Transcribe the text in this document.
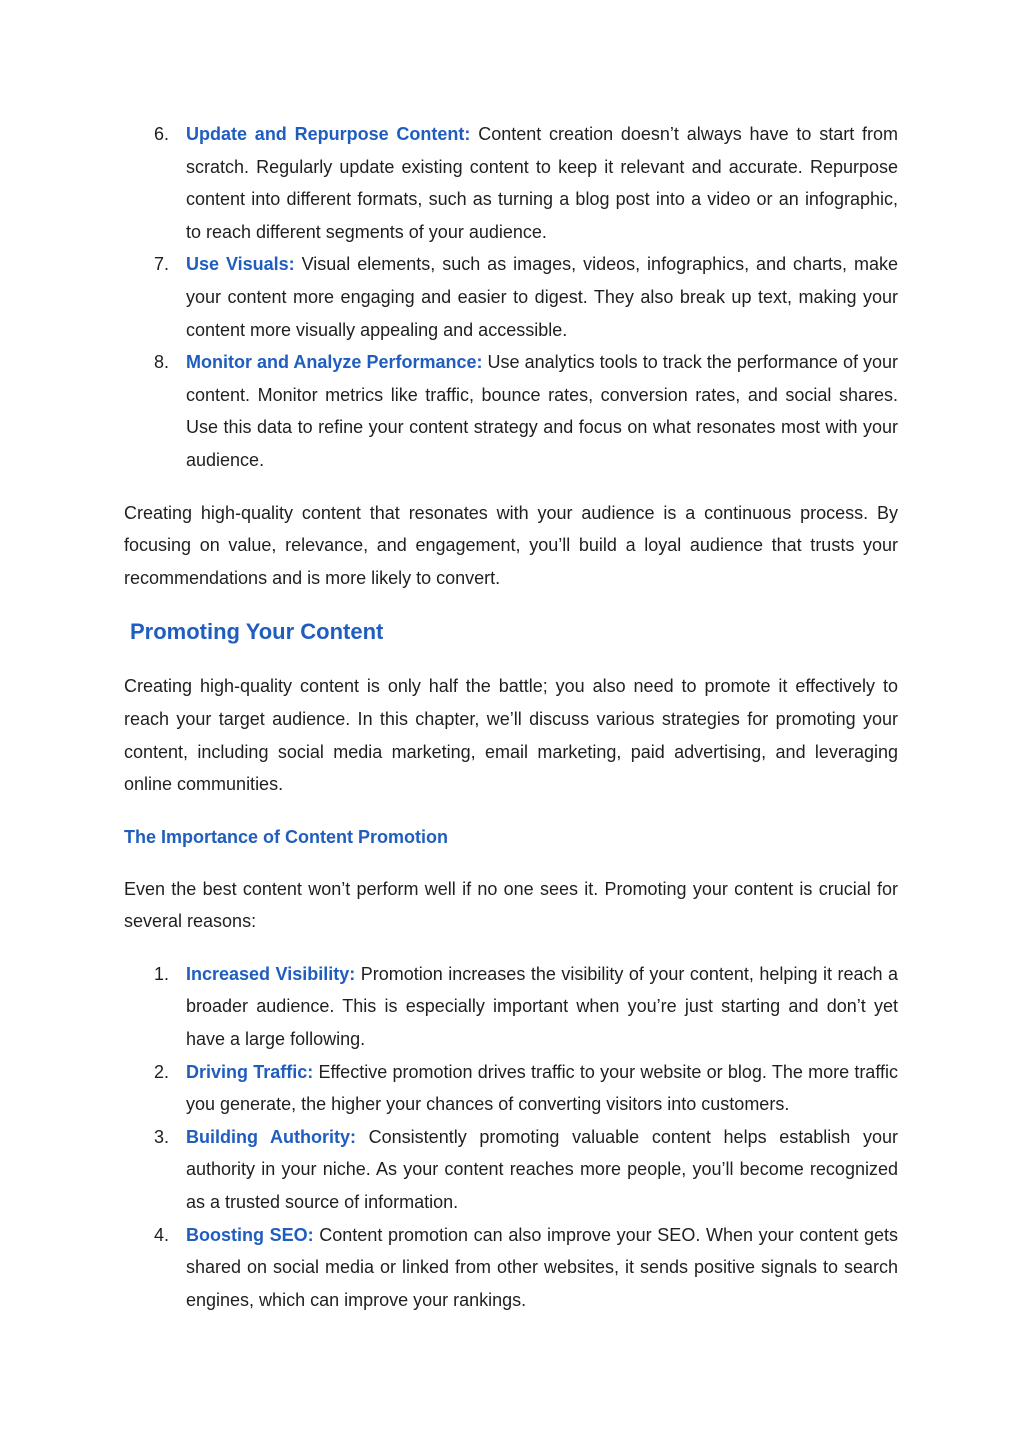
6. Update and Repurpose Content: Content creation doesn’t always have to start from scratch. Regularly update existing content to keep it relevant and accurate. Repurpose content into different formats, such as turning a blog post into a video or an infographic, to reach different segments of your audience.
7. Use Visuals: Visual elements, such as images, videos, infographics, and charts, make your content more engaging and easier to digest. They also break up text, making your content more visually appealing and accessible.
8. Monitor and Analyze Performance: Use analytics tools to track the performance of your content. Monitor metrics like traffic, bounce rates, conversion rates, and social shares. Use this data to refine your content strategy and focus on what resonates most with your audience.

Creating high-quality content that resonates with your audience is a continuous process. By focusing on value, relevance, and engagement, you’ll build a loyal audience that trusts your recommendations and is more likely to convert.

Promoting Your Content

Creating high-quality content is only half the battle; you also need to promote it effectively to reach your target audience. In this chapter, we’ll discuss various strategies for promoting your content, including social media marketing, email marketing, paid advertising, and leveraging online communities.

The Importance of Content Promotion

Even the best content won’t perform well if no one sees it. Promoting your content is crucial for several reasons:

1. Increased Visibility: Promotion increases the visibility of your content, helping it reach a broader audience. This is especially important when you’re just starting and don’t yet have a large following.
2. Driving Traffic: Effective promotion drives traffic to your website or blog. The more traffic you generate, the higher your chances of converting visitors into customers.
3. Building Authority: Consistently promoting valuable content helps establish your authority in your niche. As your content reaches more people, you’ll become recognized as a trusted source of information.
4. Boosting SEO: Content promotion can also improve your SEO. When your content gets shared on social media or linked from other websites, it sends positive signals to search engines, which can improve your rankings.
